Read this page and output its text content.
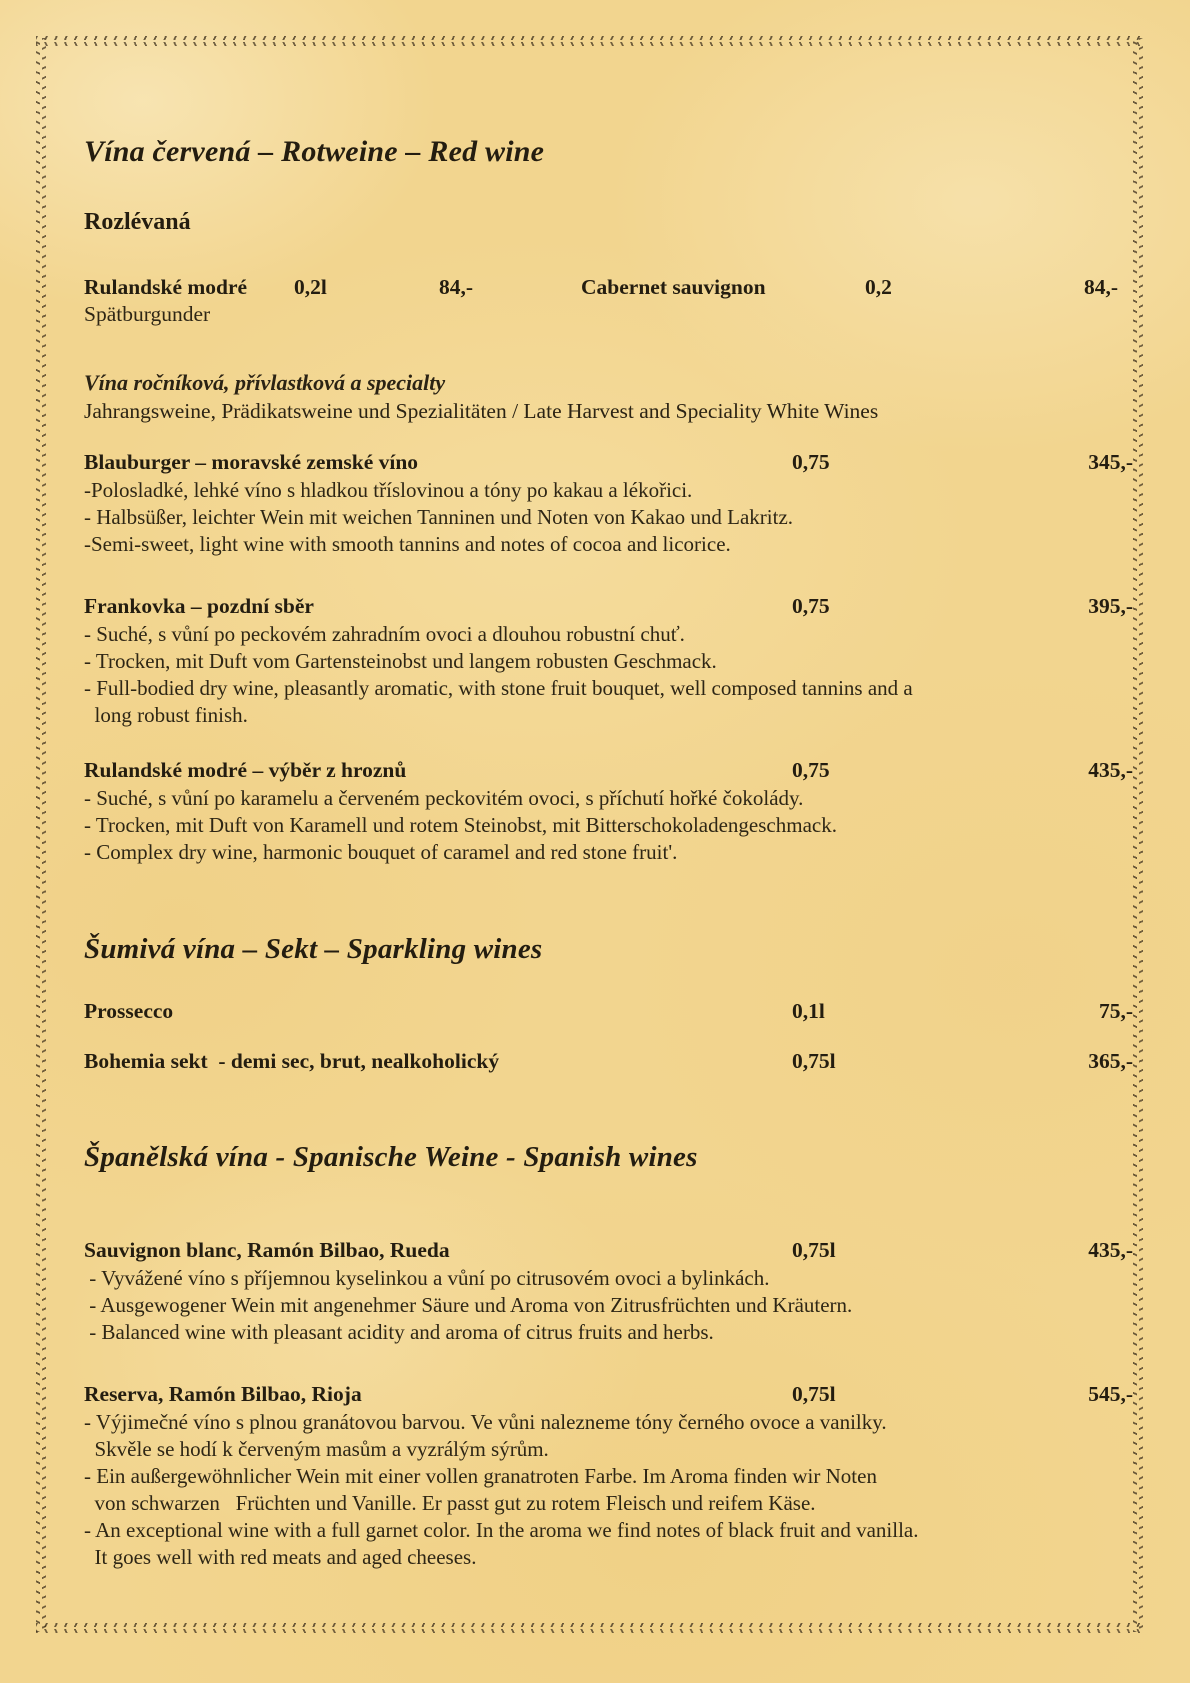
Vína červená – Rotweine – Red wine
Rozlévaná
Rulandské modré 0,2l	84,-	Cabernet sauvignon	0,2	84,-
Spätburgunder
Vína ročníková, přívlastková a specialty
Jahrangsweine, Prädikatsweine und Spezialitäten / Late Harvest and Speciality White Wines
Blauburger – moravské zemské víno	0,75	345,-
-Polosladké, lehké víno s hladkou tříslovinou a tóny po kakau a lékořici.
- Halbsüßer, leichter Wein mit weichen Tanninen und Noten von Kakao und Lakritz.
-Semi-sweet, light wine with smooth tannins and notes of cocoa and licorice.
Frankovka – pozdní sběr	0,75	395,-
- Suché, s vůní po peckovém zahradním ovoci a dlouhou robustní chuť.
- Trocken, mit Duft vom Gartensteinobst und langem robusten Geschmack.
- Full-bodied dry wine, pleasantly aromatic, with stone fruit bouquet, well composed tannins and a
long robust finish.
Rulandské modré – výběr z hroznů	0,75	435,-
- Suché, s vůní po karamelu a červeném peckovitém ovoci, s příchutí hořké čokolády.
- Trocken, mit Duft von Karamell und rotem Steinobst, mit Bitterschokoladengeschmack.
- Complex dry wine, harmonic bouquet of caramel and red stone fruit'.
Šumivá vína – Sekt – Sparkling wines
Prossecco	0,1l	75,-
Bohemia sekt  - demi sec, brut, nealkoholický	0,75l	365,-
Španělská vína - Spanische Weine - Spanish wines
Sauvignon blanc, Ramón Bilbao, Rueda	0,75l	435,-
- Vyvážené víno s příjemnou kyselinkou a vůní po citrusovém ovoci a bylinkách.
- Ausgewogener Wein mit angenehmer Säure und Aroma von Zitrusfrüchten und Kräutern.
- Balanced wine with pleasant acidity and aroma of citrus fruits and herbs.
Reserva, Ramón Bilbao, Rioja	0,75l	545,-
- Výjimečné víno s plnou granátovou barvou. Ve vůni nalezneme tóny černého ovoce a vanilky.
Skvěle se hodí k červeným masům a vyzrálým sýrům.
- Ein außergewöhnlicher Wein mit einer vollen granatroten Farbe. Im Aroma finden wir Noten
von schwarzen   Früchten und Vanille. Er passt gut zu rotem Fleisch und reifem Käse.
- An exceptional wine with a full garnet color. In the aroma we find notes of black fruit and vanilla.
It goes well with red meats and aged cheeses.
